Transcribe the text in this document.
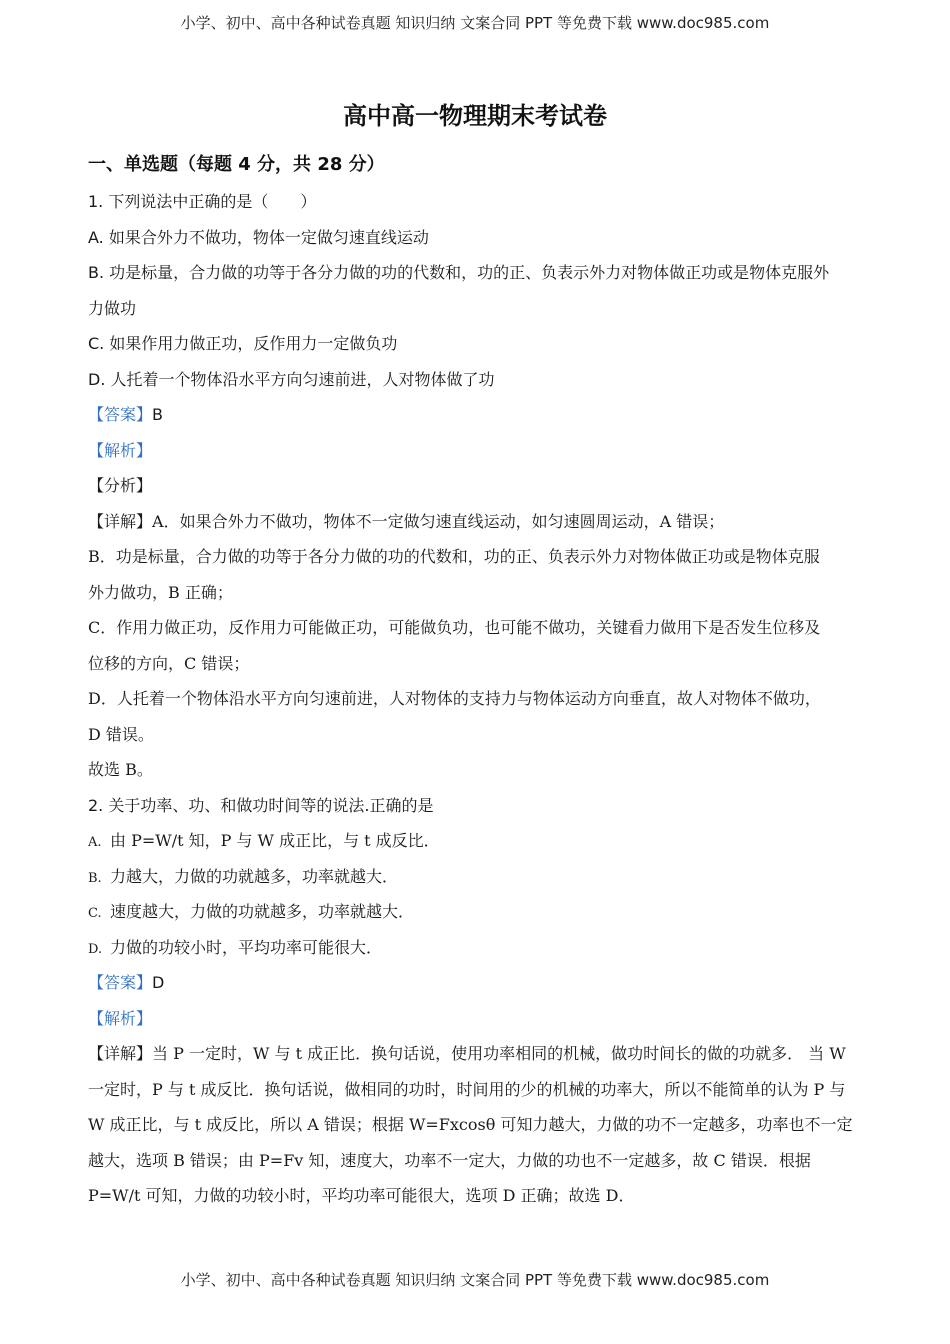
小学、初中、高中各种试卷真题 知识归纳 文案合同 PPT 等免费下载 www.doc985.com
高中高一物理期末考试卷
一、单选题（每题 4 分，共 28 分）
1. 下列说法中正确的是（　　）
A. 如果合外力不做功，物体一定做匀速直线运动
B. 功是标量，合力做的功等于各分力做的功的代数和，功的正、负表示外力对物体做正功或是物体克服外
力做功
C. 如果作用力做正功，反作用力一定做负功
D. 人托着一个物体沿水平方向匀速前进，人对物体做了功
【答案】B
【解析】
【分析】
【详解】A．如果合外力不做功，物体不一定做匀速直线运动，如匀速圆周运动，A 错误；
B．功是标量，合力做的功等于各分力做的功的代数和，功的正、负表示外力对物体做正功或是物体克服
外力做功，B 正确；
C．作用力做正功，反作用力可能做正功，可能做负功，也可能不做功，关键看力做用下是否发生位移及
位移的方向，C 错误；
D．人托着一个物体沿水平方向匀速前进，人对物体的支持力与物体运动方向垂直，故人对物体不做功，
D 错误。
故选 B。
2. 关于功率、功、和做功时间等的说法.正确的是
A. 由 P=W/t 知，P 与 W 成正比，与 t 成反比．
B. 力越大，力做的功就越多，功率就越大．
C. 速度越大，力做的功就越多，功率就越大．
D. 力做的功较小时，平均功率可能很大．
【答案】D
【解析】
【详解】当 P 一定时，W 与 t 成正比．换句话说，使用功率相同的机械，做功时间长的做的功就多． 当 W
一定时，P 与 t 成反比．换句话说，做相同的功时，时间用的少的机械的功率大，所以不能简单的认为 P 与
W 成正比，与 t 成反比，所以 A 错误；根据 W=Fxcosθ 可知力越大，力做的功不一定越多，功率也不一定
越大，选项 B 错误；由 P=Fv 知，速度大，功率不一定大，力做的功也不一定越多，故 C 错误．根据
P=W/t 可知，力做的功较小时，平均功率可能很大，选项 D 正确；故选 D．
小学、初中、高中各种试卷真题 知识归纳 文案合同 PPT 等免费下载 www.doc985.com
